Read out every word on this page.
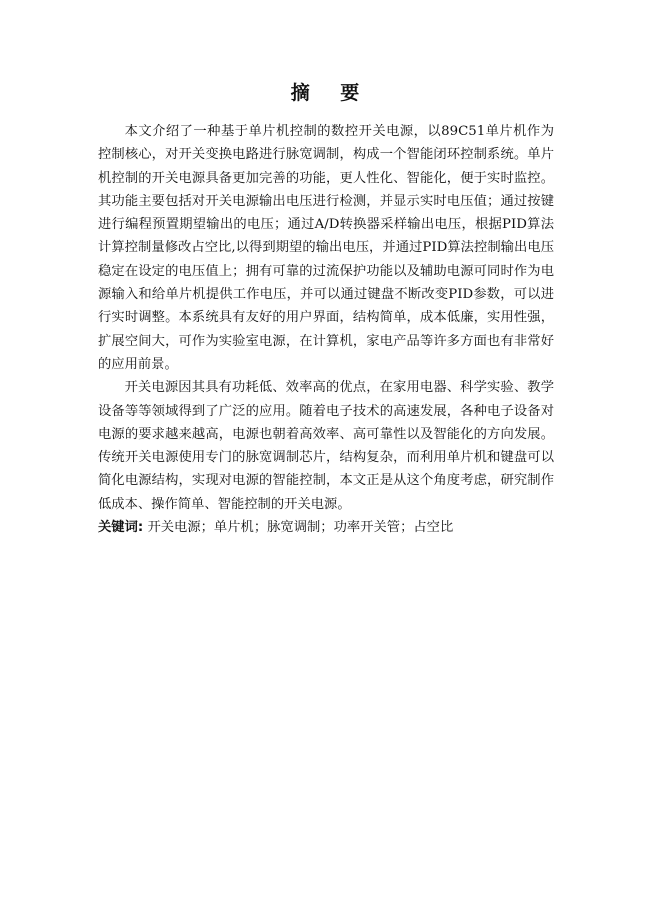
摘 要

本文介绍了一种基于单片机控制的数控开关电源，以89C51单片机作为控制核心，对开关变换电路进行脉宽调制，构成一个智能闭环控制系统。单片机控制的开关电源具备更加完善的功能，更人性化、智能化，便于实时监控。其功能主要包括对开关电源输出电压进行检测，并显示实时电压值；通过按键进行编程预置期望输出的电压；通过A/D转换器采样输出电压，根据PID算法计算控制量修改占空比,以得到期望的输出电压，并通过PID算法控制输出电压稳定在设定的电压值上；拥有可靠的过流保护功能以及辅助电源可同时作为电源输入和给单片机提供工作电压，并可以通过键盘不断改变PID参数，可以进行实时调整。本系统具有友好的用户界面，结构简单，成本低廉，实用性强，扩展空间大，可作为实验室电源，在计算机，家电产品等许多方面也有非常好的应用前景。

开关电源因其具有功耗低、效率高的优点，在家用电器、科学实验、教学设备等等领域得到了广泛的应用。随着电子技术的高速发展，各种电子设备对电源的要求越来越高，电源也朝着高效率、高可靠性以及智能化的方向发展。传统开关电源使用专门的脉宽调制芯片，结构复杂，而利用单片机和键盘可以简化电源结构，实现对电源的智能控制，本文正是从这个角度考虑，研究制作低成本、操作简单、智能控制的开关电源。

关键词: 开关电源；单片机；脉宽调制；功率开关管；占空比
